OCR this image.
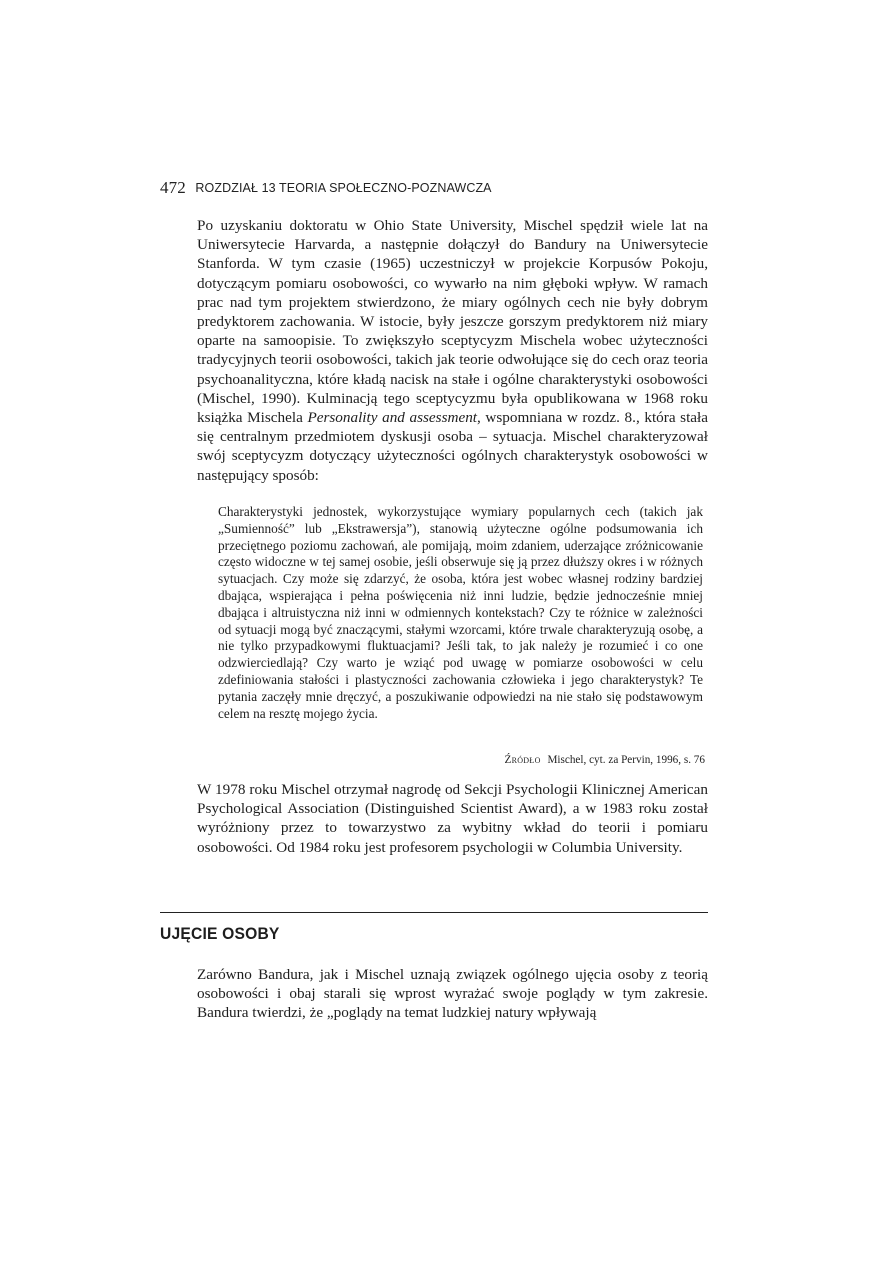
472 ROZDZIAŁ 13 TEORIA SPOŁECZNO-POZNAWCZA

Po uzyskaniu doktoratu w Ohio State University, Mischel spędził wiele lat na Uniwersytecie Harvarda, a następnie dołączył do Bandury na Uniwersytecie Stanforda. W tym czasie (1965) uczestniczył w projekcie Korpusów Pokoju, dotyczącym pomiaru osobowości, co wywarło na nim głęboki wpływ. W ramach prac nad tym projektem stwierdzono, że miary ogólnych cech nie były dobrym predyktorem zachowania. W istocie, były jeszcze gorszym predyktorem niż miary oparte na samoopisie. To zwiększyło sceptycyzm Mischela wobec użyteczności tradycyjnych teorii osobowości, takich jak teorie odwołujące się do cech oraz teoria psychoanalityczna, które kładą nacisk na stałe i ogólne charakterystyki osobowości (Mischel, 1990). Kulminacją tego sceptycyzmu była opublikowana w 1968 roku książka Mischela Personality and assessment, wspomniana w rozdz. 8., która stała się centralnym przedmiotem dyskusji osoba – sytuacja. Mischel charakteryzował swój sceptycyzm dotyczący użyteczności ogólnych charakterystyk osobowości w następujący sposób:

Charakterystyki jednostek, wykorzystujące wymiary popularnych cech (takich jak „Sumienność” lub „Ekstrawersja”), stanowią użyteczne ogólne podsumowania ich przeciętnego poziomu zachowań, ale pomijają, moim zdaniem, uderzające zróżnicowanie często widoczne w tej samej osobie, jeśli obserwuje się ją przez dłuższy okres i w różnych sytuacjach. Czy może się zdarzyć, że osoba, która jest wobec własnej rodziny bardziej dbająca, wspierająca i pełna poświęcenia niż inni ludzie, będzie jednocześnie mniej dbająca i altruistyczna niż inni w odmiennych kontekstach? Czy te różnice w zależności od sytuacji mogą być znaczącymi, stałymi wzorcami, które trwale charakteryzują osobę, a nie tylko przypadkowymi fluktuacjami? Jeśli tak, to jak należy je rozumieć i co one odzwierciedlają? Czy warto je wziąć pod uwagę w pomiarze osobowości w celu zdefiniowania stałości i plastyczności zachowania człowieka i jego charakterystyk? Te pytania zaczęły mnie dręczyć, a poszukiwanie odpowiedzi na nie stało się podstawowym celem na resztę mojego życia.

Źródło Mischel, cyt. za Pervin, 1996, s. 76

W 1978 roku Mischel otrzymał nagrodę od Sekcji Psychologii Klinicznej American Psychological Association (Distinguished Scientist Award), a w 1983 roku został wyróżniony przez to towarzystwo za wybitny wkład do teorii i pomiaru osobowości. Od 1984 roku jest profesorem psychologii w Columbia University.

UJĘCIE OSOBY

Zarówno Bandura, jak i Mischel uznają związek ogólnego ujęcia osoby z teorią osobowości i obaj starali się wprost wyrażać swoje poglądy w tym zakresie. Bandura twierdzi, że „poglądy na temat ludzkiej natury wpływają
